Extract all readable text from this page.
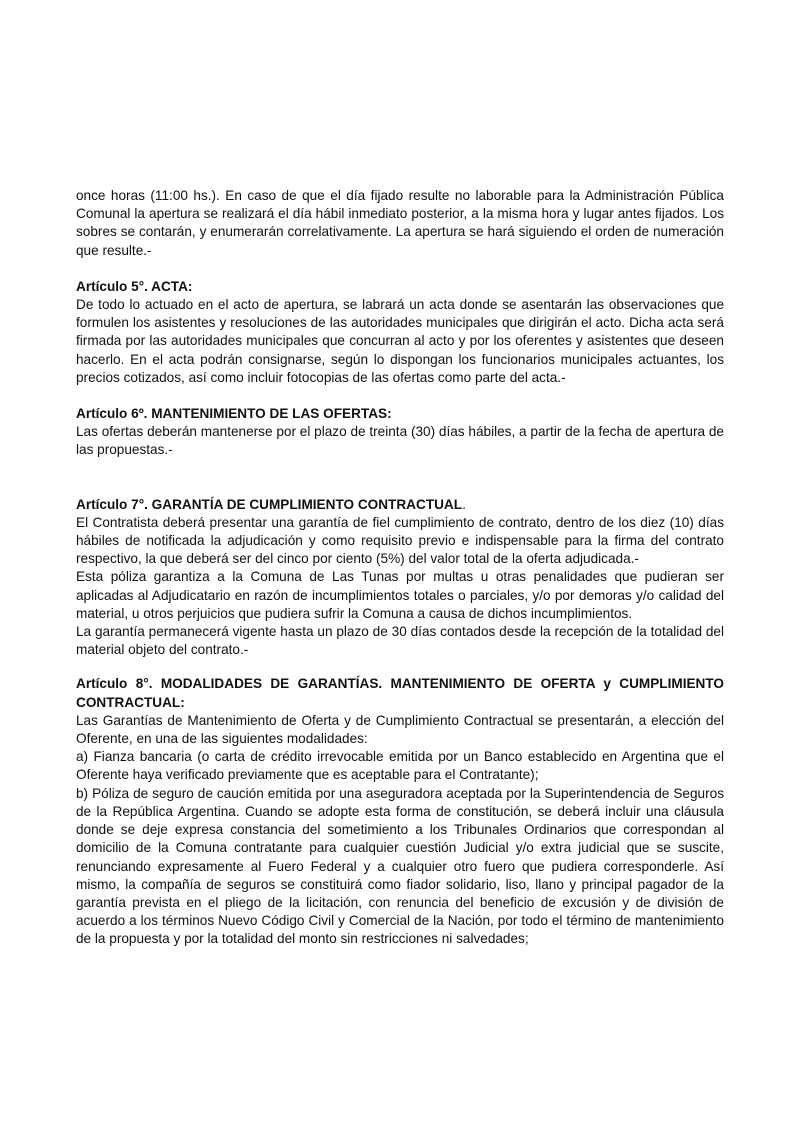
once horas (11:00 hs.). En caso de que el día fijado resulte no laborable para la Administración Pública Comunal la apertura se realizará el día hábil inmediato posterior, a la misma hora y lugar antes fijados. Los sobres se contarán, y enumerarán correlativamente. La apertura se hará siguiendo el orden de numeración que resulte.-

Artículo 5°. ACTA:

De todo lo actuado en el acto de apertura, se labrará un acta donde se asentarán las observaciones que formulen los asistentes y resoluciones de las autoridades municipales que dirigirán el acto. Dicha acta será firmada por las autoridades municipales que concurran al acto y por los oferentes y asistentes que deseen hacerlo. En el acta podrán consignarse, según lo dispongan los funcionarios municipales actuantes, los precios cotizados, así como incluir fotocopias de las ofertas como parte del acta.-

Artículo 6º. MANTENIMIENTO DE LAS OFERTAS:

Las ofertas deberán mantenerse por el plazo de treinta (30) días hábiles, a partir de la fecha de apertura de las propuestas.-

Artículo 7°. GARANTÍA DE CUMPLIMIENTO CONTRACTUAL.

El Contratista deberá presentar una garantía de fiel cumplimiento de contrato, dentro de los diez (10) días hábiles de notificada la adjudicación y como requisito previo e indispensable para la firma del contrato respectivo, la que deberá ser del cinco por ciento (5%) del valor total de la oferta adjudicada.-

Esta póliza garantiza a la Comuna de Las Tunas por multas u otras penalidades que pudieran ser aplicadas al Adjudicatario en razón de incumplimientos totales o parciales, y/o por demoras y/o calidad del material, u otros perjuicios que pudiera sufrir la Comuna a causa de dichos incumplimientos.

La garantía permanecerá vigente hasta un plazo de 30 días contados desde la recepción de la totalidad del material objeto del contrato.-

Artículo 8°. MODALIDADES DE GARANTÍAS. MANTENIMIENTO DE OFERTA y CUMPLIMIENTO CONTRACTUAL:

Las Garantías de Mantenimiento de Oferta y de Cumplimiento Contractual se presentarán, a elección del Oferente, en una de las siguientes modalidades:

a) Fianza bancaria (o carta de crédito irrevocable emitida por un Banco establecido en Argentina que el Oferente haya verificado previamente que es aceptable para el Contratante);

b) Póliza de seguro de caución emitida por una aseguradora aceptada por la Superintendencia de Seguros de la República Argentina. Cuando se adopte esta forma de constitución, se deberá incluir una cláusula donde se deje expresa constancia del sometimiento a los Tribunales Ordinarios que correspondan al domicilio de la Comuna contratante para cualquier cuestión Judicial y/o extra judicial que se suscite, renunciando expresamente al Fuero Federal y a cualquier otro fuero que pudiera corresponderle. Así mismo, la compañía de seguros se constituirá como fiador solidario, liso, llano y principal pagador de la garantía prevista en el pliego de la licitación, con renuncia del beneficio de excusión y de división de acuerdo a los términos Nuevo Código Civil y Comercial de la Nación, por todo el término de mantenimiento de la propuesta y por la totalidad del monto sin restricciones ni salvedades;
